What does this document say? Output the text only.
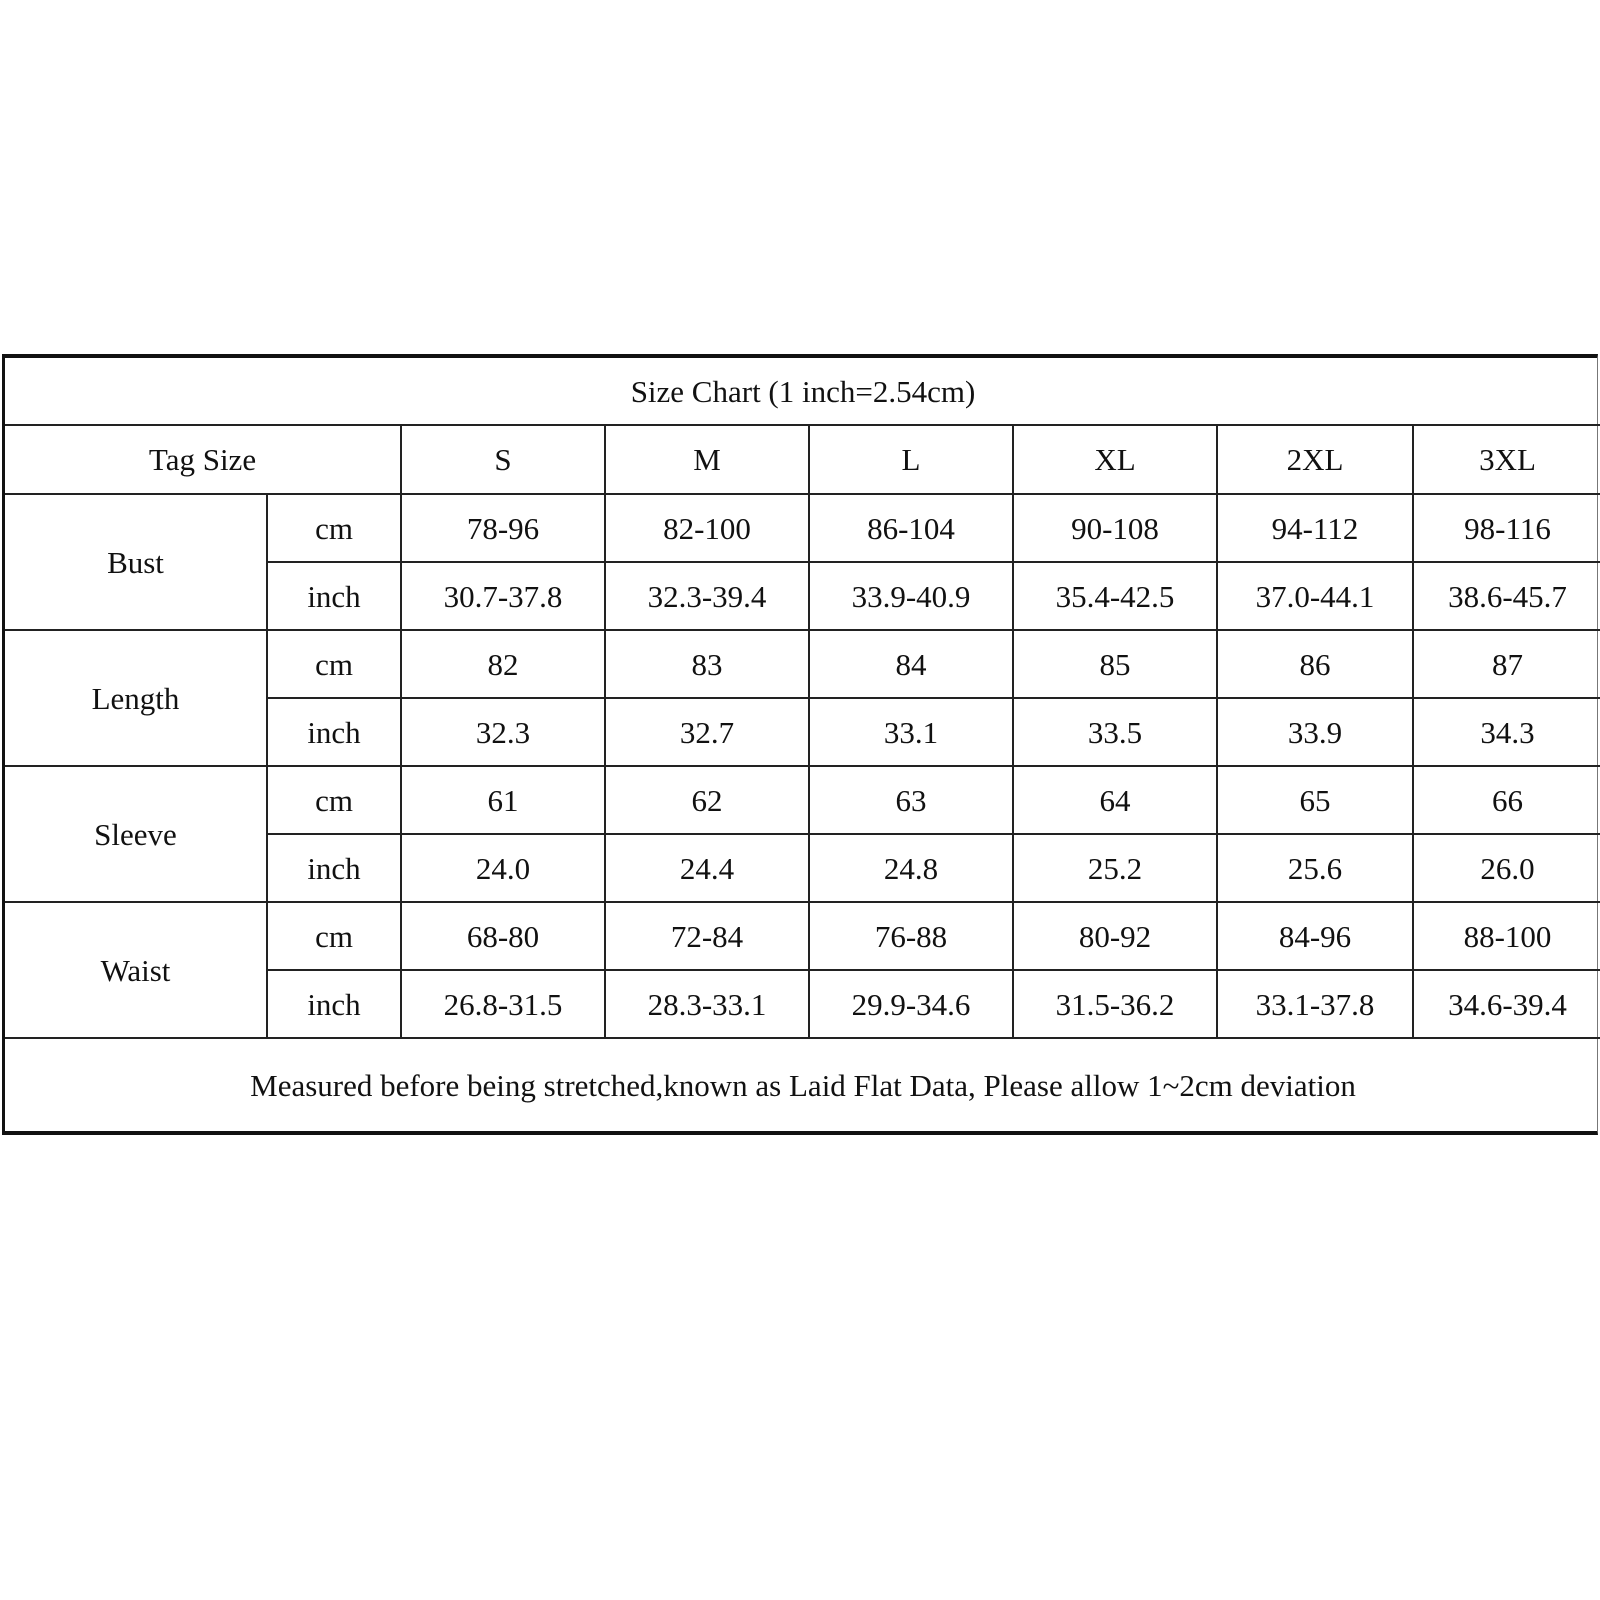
Size Chart (1 inch=2.54cm)							
Tag Size		S	M	L	XL	2XL	3XL
Bust	cm	78-96	82-100	86-104	90-108	94-112	98-116
	inch	30.7-37.8	32.3-39.4	33.9-40.9	35.4-42.5	37.0-44.1	38.6-45.7
Length	cm	82	83	84	85	86	87
	inch	32.3	32.7	33.1	33.5	33.9	34.3
Sleeve	cm	61	62	63	64	65	66
	inch	24.0	24.4	24.8	25.2	25.6	26.0
Waist	cm	68-80	72-84	76-88	80-92	84-96	88-100
	inch	26.8-31.5	28.3-33.1	29.9-34.6	31.5-36.2	33.1-37.8	34.6-39.4
Measured before being stretched,known as Laid Flat Data, Please allow 1~2cm deviation							
